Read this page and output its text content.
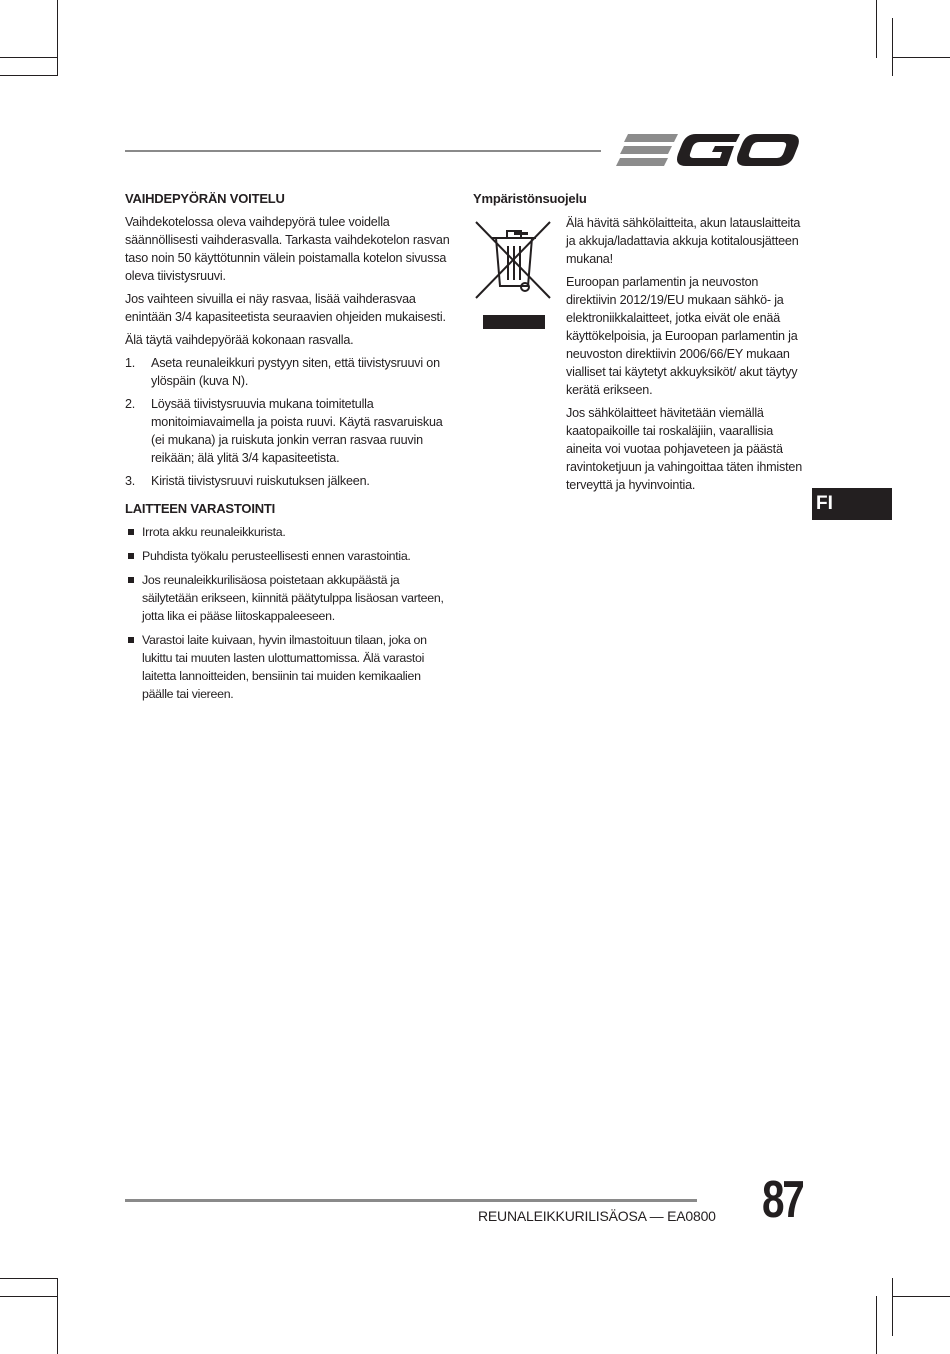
VAIHDEPYÖRÄN VOITELU

Vaihdekotelossa oleva vaihdepyörä tulee voidella säännöllisesti vaihderasvalla. Tarkasta vaihdekotelon rasvan taso noin 50 käyttötunnin välein poistamalla kotelon sivussa oleva tiivistysruuvi.

Jos vaihteen sivuilla ei näy rasvaa, lisää vaihderasvaa enintään 3/4 kapasiteetista seuraavien ohjeiden mukaisesti.

Älä täytä vaihdepyörää kokonaan rasvalla.

1.	Aseta reunaleikkuri pystyyn siten, että tiivistysruuvi on ylöspäin (kuva N).
2.	Löysää tiivistysruuvia mukana toimitetulla monitoimiavaimella ja poista ruuvi. Käytä rasvaruiskua (ei mukana) ja ruiskuta jonkin verran rasvaa ruuvin reikään; älä ylitä 3/4 kapasiteetista.
3.	Kiristä tiivistysruuvi ruiskutuksen jälkeen.
LAITTEEN VARASTOINTI
Irrota akku reunaleikkurista.
Puhdista työkalu perusteellisesti ennen varastointia.
Jos reunaleikkurilisäosa poistetaan akkupäästä ja säilytetään erikseen, kiinnitä päätytulppa lisäosan varteen, jotta lika ei pääse liitoskappaleeseen.
Varastoi laite kuivaan, hyvin ilmastoituun tilaan, joka on lukittu tai muuten lasten ulottumattomissa. Älä varastoi laitetta lannoitteiden, bensiinin tai muiden kemikaalien päälle tai viereen.
Ympäristönsuojelu

Älä hävitä sähkölaitteita, akun latauslaitteita ja akkuja/ladattavia akkuja kotitalousjätteen mukana!

Euroopan parlamentin ja neuvoston direktiivin 2012/19/EU mukaan sähkö- ja elektroniikkalaitteet, jotka eivät ole enää käyttökelpoisia, ja Euroopan parlamentin ja neuvoston direktiivin 2006/66/EY mukaan vialliset tai käytetyt akkuyksiköt/ akut täytyy kerätä erikseen.

Jos sähkölaitteet hävitetään viemällä kaatopaikoille tai roskaläjiin, vaarallisia aineita voi vuotaa pohjaveteen ja päästä ravintoketjuun ja vahingoittaa täten ihmisten terveyttä ja hyvinvointia.

FI
REUNALEIKKURILISÄOSA — EA0800 87
